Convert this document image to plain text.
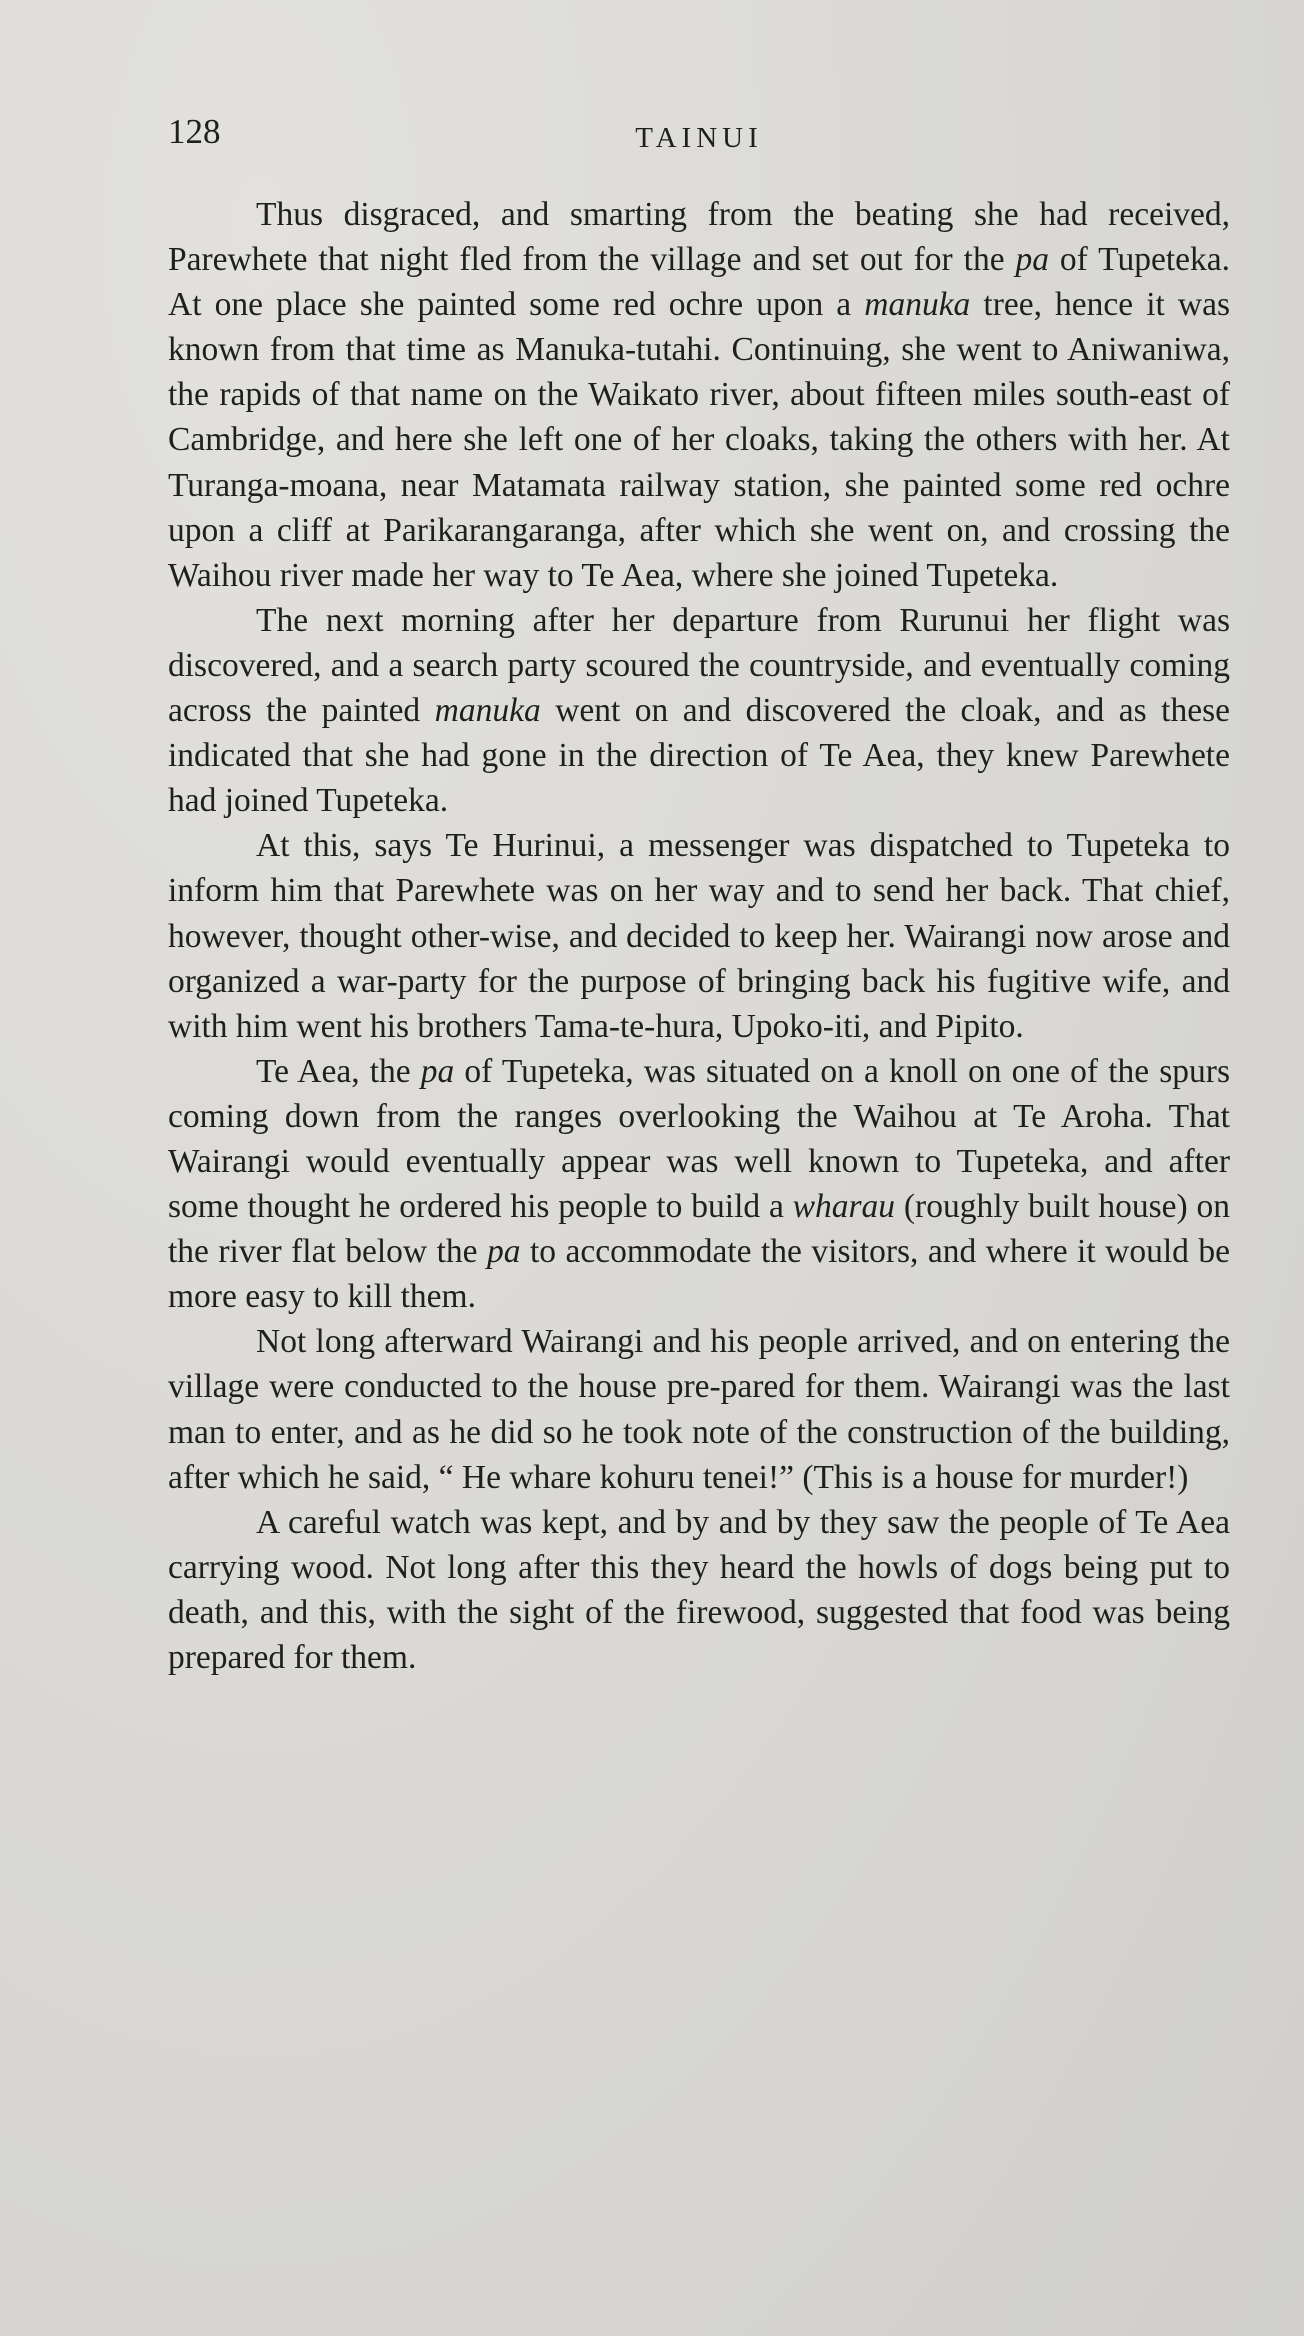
128	TAINUI

Thus disgraced, and smarting from the beating she had received, Parewhete that night fled from the village and set out for the pa of Tupeteka. At one place she painted some red ochre upon a manuka tree, hence it was known from that time as Manuka-tutahi. Continuing, she went to Aniwaniwa, the rapids of that name on the Waikato river, about fifteen miles south-east of Cambridge, and here she left one of her cloaks, taking the others with her. At Turanga-moana, near Matamata railway station, she painted some red ochre upon a cliff at Parikarangaranga, after which she went on, and crossing the Waihou river made her way to Te Aea, where she joined Tupeteka.

The next morning after her departure from Rurunui her flight was discovered, and a search party scoured the countryside, and eventually coming across the painted manuka went on and discovered the cloak, and as these indicated that she had gone in the direction of Te Aea, they knew Parewhete had joined Tupeteka.

At this, says Te Hurinui, a messenger was dispatched to Tupeteka to inform him that Parewhete was on her way and to send her back. That chief, however, thought other-wise, and decided to keep her. Wairangi now arose and organized a war-party for the purpose of bringing back his fugitive wife, and with him went his brothers Tama-te-hura, Upoko-iti, and Pipito.

Te Aea, the pa of Tupeteka, was situated on a knoll on one of the spurs coming down from the ranges overlooking the Waihou at Te Aroha. That Wairangi would eventually appear was well known to Tupeteka, and after some thought he ordered his people to build a wharau (roughly built house) on the river flat below the pa to accommodate the visitors, and where it would be more easy to kill them.

Not long afterward Wairangi and his people arrived, and on entering the village were conducted to the house pre-pared for them. Wairangi was the last man to enter, and as he did so he took note of the construction of the building, after which he said, “ He whare kohuru tenei!” (This is a house for murder!)

A careful watch was kept, and by and by they saw the people of Te Aea carrying wood. Not long after this they heard the howls of dogs being put to death, and this, with the sight of the firewood, suggested that food was being prepared for them.
